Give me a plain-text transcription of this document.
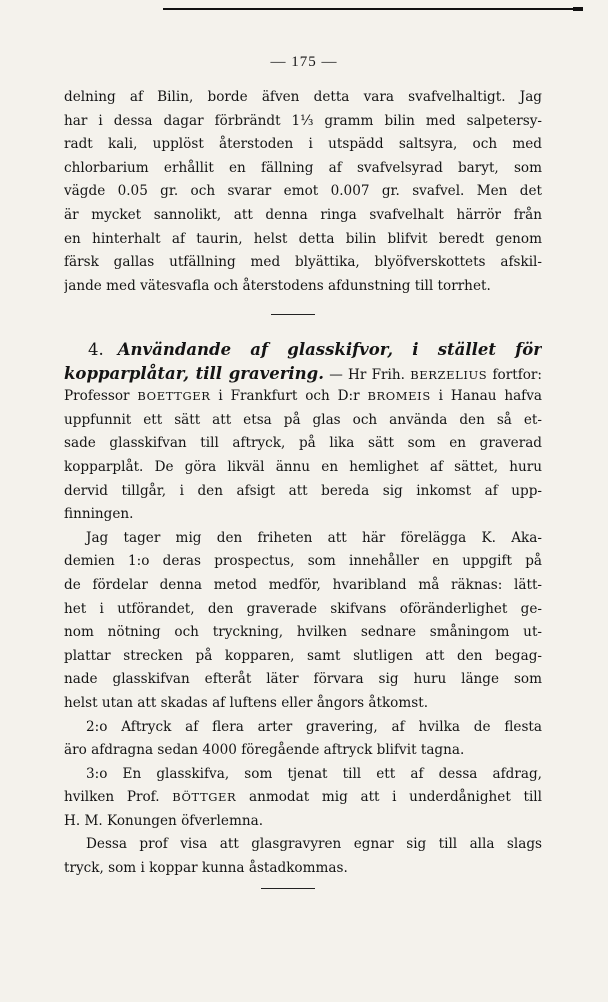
— 175 —
delning af Bilin, borde äfven detta vara svafvelhaltigt. Jag
har i dessa dagar förbrändt 1⅓ gramm bilin med salpetersy-
radt kali, upplöst återstoden i utspädd saltsyra, och med
chlorbarium erhållit en fällning af svafvelsyrad baryt, som
vägde 0.05 gr. och svarar emot 0.007 gr. svafvel. Men det
är mycket sannolikt, att denna ringa svafvelhalt härrör från
en hinterhalt af taurin, helst detta bilin blifvit beredt genom
färsk gallas utfällning med blyättika, blyöfverskottets afskil-
jande med vätesvafla och återstodens afdunstning till torrhet.
4. Användande af glasskifvor, i stället för
kopparplåtar, till gravering. — Hr Frih. BERZELIUS fortfor:
Professor BOETTGER i Frankfurt och D:r BROMEIS i Hanau hafva
uppfunnit ett sätt att etsa på glas och använda den så et-
sade glasskifvan till aftryck, på lika sätt som en graverad
kopparplåt. De göra likväl ännu en hemlighet af sättet, huru
dervid tillgår, i den afsigt att bereda sig inkomst af upp-
finningen.
Jag tager mig den friheten att här förelägga K. Aka-
demien 1:o deras prospectus, som innehåller en uppgift på
de fördelar denna metod medför, hvaribland må räknas: lätt-
het i utförandet, den graverade skifvans oföränderlighet ge-
nom nötning och tryckning, hvilken sednare småningom ut-
plattar strecken på kopparen, samt slutligen att den begag-
nade glasskifvan efteråt läter förvara sig huru länge som
helst utan att skadas af luftens eller ångors åtkomst.
2:o Aftryck af flera arter gravering, af hvilka de flesta
äro afdragna sedan 4000 föregående aftryck blifvit tagna.
3:o En glasskifva, som tjenat till ett af dessa afdrag,
hvilken Prof. BÖTTGER anmodat mig att i underdånighet till
H. M. Konungen öfverlemna.
Dessa prof visa att glasgravyren egnar sig till alla slags
tryck, som i koppar kunna åstadkommas.
